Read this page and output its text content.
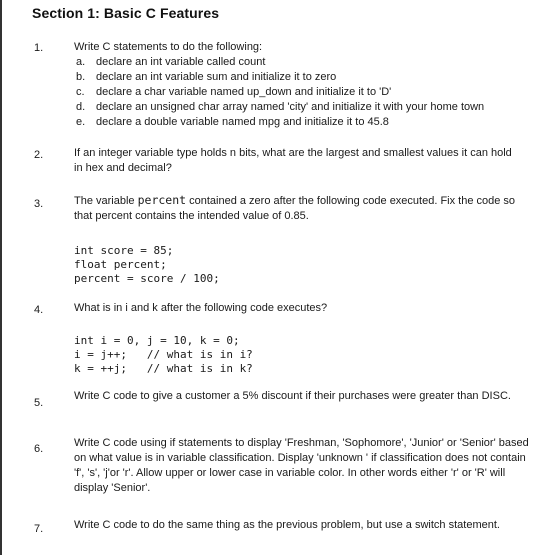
Section 1: Basic C Features
1.	Write C statements to do the following:
a. declare an int variable called count
b. declare an int variable sum and initialize it to zero
c. declare a char variable named up_down and initialize it to 'D'
d. declare an unsigned char array named 'city' and initialize it with your home town
e. declare a double variable named mpg and initialize it to 45.8
2.	If an integer variable type holds n bits, what are the largest and smallest values it can hold in hex and decimal?
3.	The variable percent contained a zero after the following code executed. Fix the code so that percent contains the intended value of 0.85.
int score = 85;
float percent;
percent = score / 100;
4.	What is in i and k after the following code executes?
int i = 0, j = 10, k = 0;
i = j++;   // what is in i?
k = ++j;   // what is in k?
5.
Write C code to give a customer a 5% discount if their purchases were greater than DISC.
6.	Write C code using if statements to display 'Freshman, 'Sophomore', 'Junior' or 'Senior' based on what value is in variable classification. Display 'unknown ' if classification does not contain 'f', 's', 'j'or 'r'. Allow upper or lower case in variable color. In other words either 'r' or 'R' will display 'Senior'.
7.	Write C code to do the same thing as the previous problem, but use a switch statement.
